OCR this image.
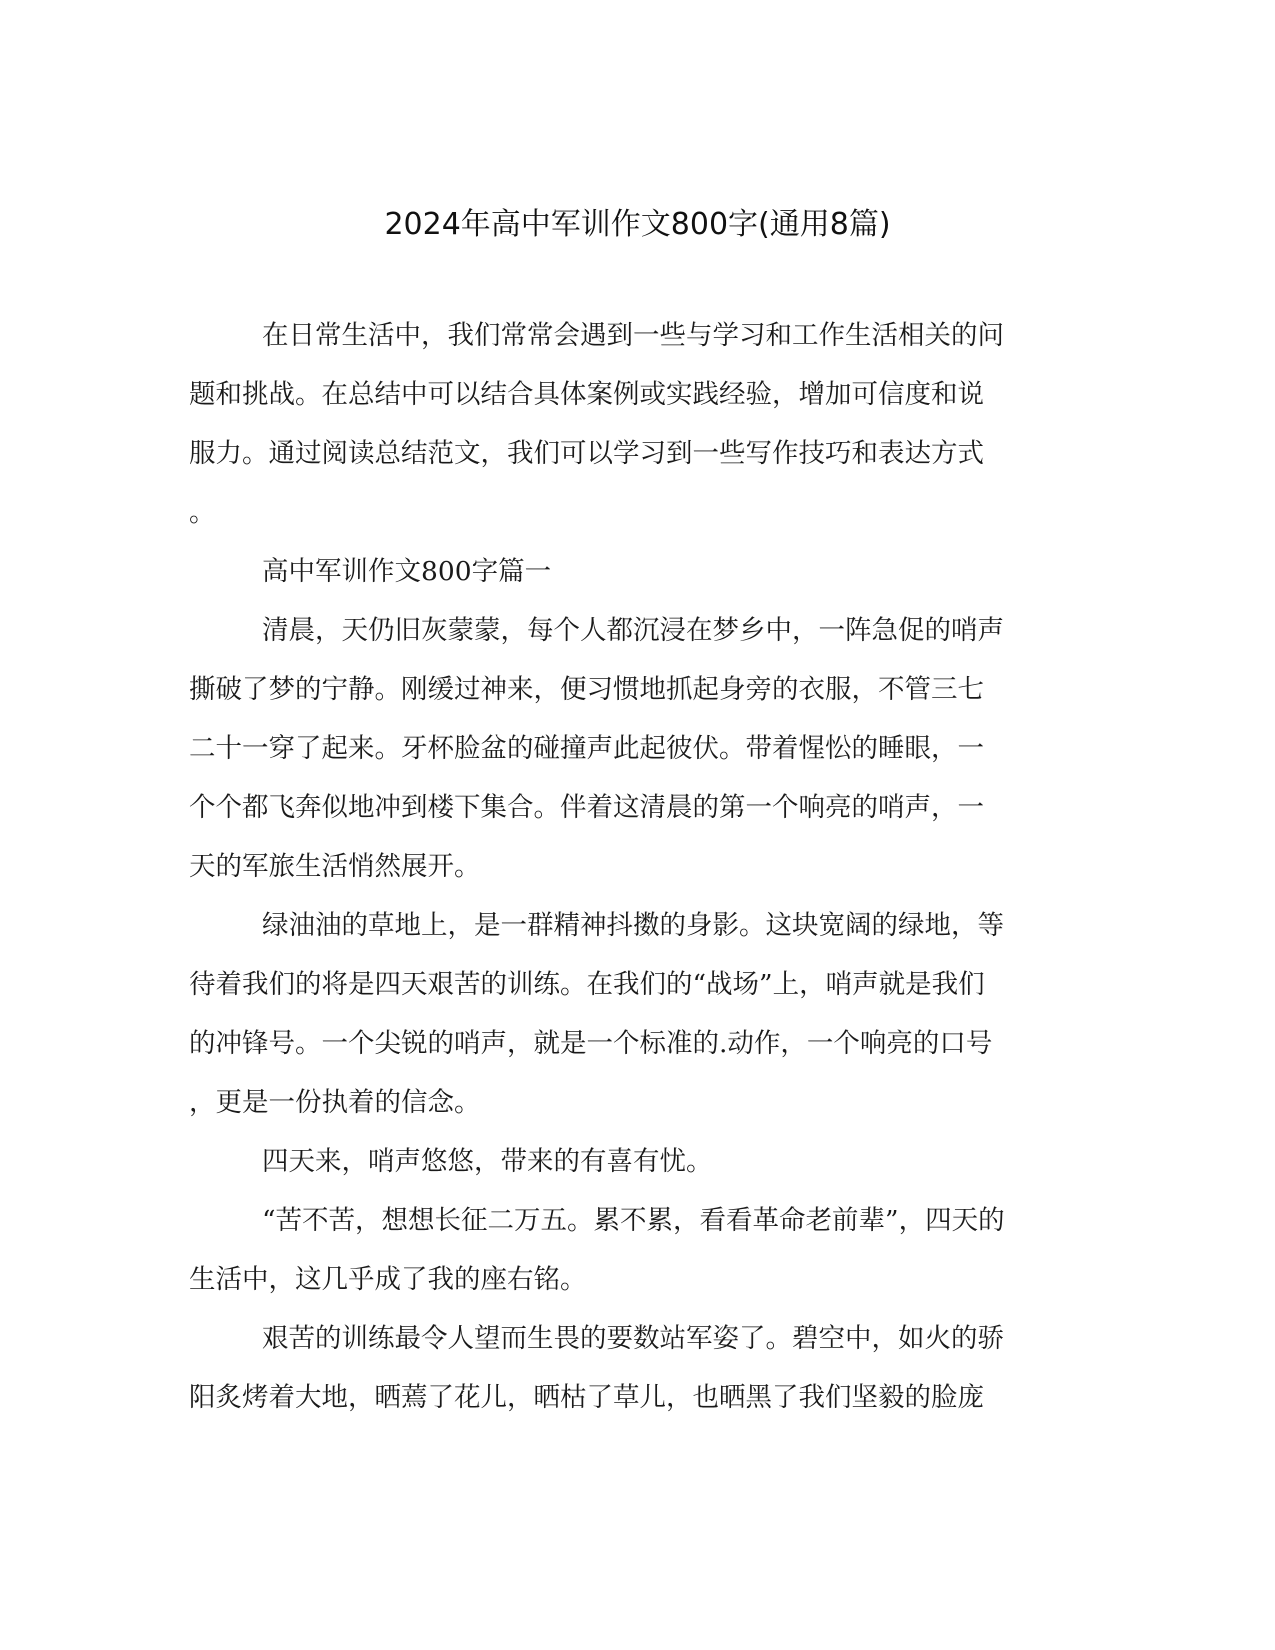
2024年高中军训作文800字(通用8篇)
在日常生活中，我们常常会遇到一些与学习和工作生活相关的问
题和挑战。在总结中可以结合具体案例或实践经验，增加可信度和说
服力。通过阅读总结范文，我们可以学习到一些写作技巧和表达方式
。
高中军训作文800字篇一
清晨，天仍旧灰蒙蒙，每个人都沉浸在梦乡中，一阵急促的哨声
撕破了梦的宁静。刚缓过神来，便习惯地抓起身旁的衣服，不管三七
二十一穿了起来。牙杯脸盆的碰撞声此起彼伏。带着惺忪的睡眼，一
个个都飞奔似地冲到楼下集合。伴着这清晨的第一个响亮的哨声，一
天的军旅生活悄然展开。
绿油油的草地上，是一群精神抖擞的身影。这块宽阔的绿地，等
待着我们的将是四天艰苦的训练。在我们的“战场”上，哨声就是我们
的冲锋号。一个尖锐的哨声，就是一个标准的.动作，一个响亮的口号
，更是一份执着的信念。
四天来，哨声悠悠，带来的有喜有忧。
“苦不苦，想想长征二万五。累不累，看看革命老前辈”，四天的
生活中，这几乎成了我的座右铭。
艰苦的训练最令人望而生畏的要数站军姿了。碧空中，如火的骄
阳炙烤着大地，晒蔫了花儿，晒枯了草儿，也晒黑了我们坚毅的脸庞
